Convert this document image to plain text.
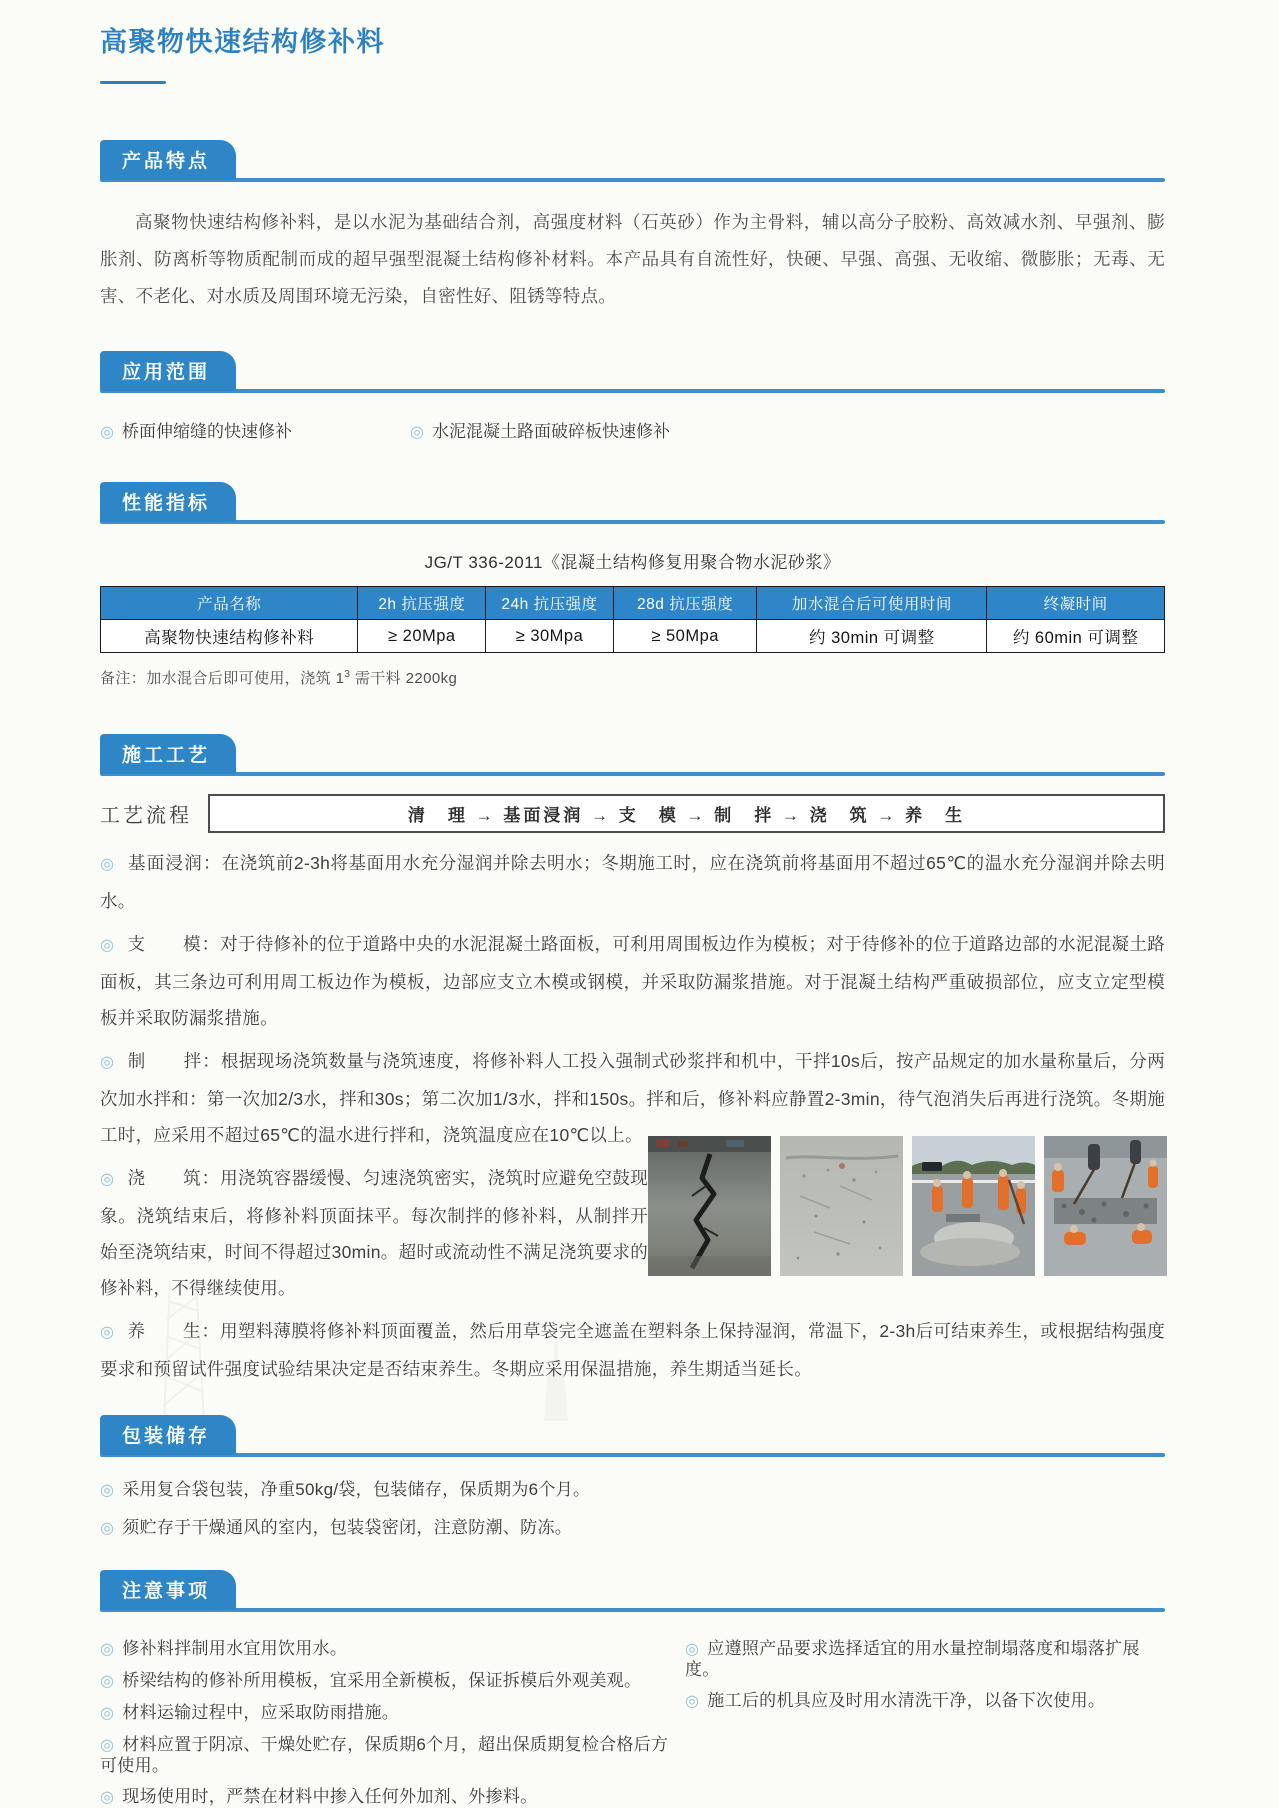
高聚物快速结构修补料
产品特点

高聚物快速结构修补料，是以水泥为基础结合剂，高强度材料（石英砂）作为主骨料，辅以高分子胶粉、高效减水剂、早强剂、膨胀剂、防离析等物质配制而成的超早强型混凝土结构修补材料。本产品具有自流性好，快硬、早强、高强、无收缩、微膨胀；无毒、无害、不老化、对水质及周围环境无污染，自密性好、阻锈等特点。

应用范围
◎ 桥面伸缩缝的快速修补	◎ 水泥混凝土路面破碎板快速修补
性能指标
JG/T 336-2011《混凝土结构修复用聚合物水泥砂浆》
产品名称	2h 抗压强度	24h 抗压强度	28d 抗压强度	加水混合后可使用时间	终凝时间
高聚物快速结构修补料	≥ 20Mpa	≥ 30Mpa	≥ 50Mpa	约 30min 可调整	约 60min 可调整
备注：加水混合后即可使用，浇筑 $1^3$ 需干料 2200kg
施工工艺
工艺流程	清　理 → 基面浸润 → 支　模 → 制　拌 → 浇　筑 → 养　生

◎ 基面浸润：在浇筑前2-3h将基面用水充分湿润并除去明水；冬期施工时，应在浇筑前将基面用不超过65℃的温水充分湿润并除去明水。

◎ 支　　模：对于待修补的位于道路中央的水泥混凝土路面板，可利用周围板边作为模板；对于待修补的位于道路边部的水泥混凝土路面板，其三条边可利用周工板边作为模板，边部应支立木模或钢模，并采取防漏浆措施。对于混凝土结构严重破损部位，应支立定型模板并采取防漏浆措施。

◎ 制　　拌：根据现场浇筑数量与浇筑速度，将修补料人工投入强制式砂浆拌和机中，干拌10s后，按产品规定的加水量称量后，分两次加水拌和：第一次加2/3水，拌和30s；第二次加1/3水，拌和150s。拌和后，修补料应静置2-3min，待气泡消失后再进行浇筑。冬期施工时，应采用不超过65℃的温水进行拌和，浇筑温度应在10℃以上。

◎ 浇　　筑：用浇筑容器缓慢、匀速浇筑密实，浇筑时应避免空鼓现象。浇筑结束后，将修补料顶面抹平。每次制拌的修补料，从制拌开始至浇筑结束，时间不得超过30min。超时或流动性不满足浇筑要求的修补料，不得继续使用。

◎ 养　　生：用塑料薄膜将修补料顶面覆盖，然后用草袋完全遮盖在塑料条上保持湿润，常温下，2-3h后可结束养生，或根据结构强度要求和预留试件强度试验结果决定是否结束养生。冬期应采用保温措施，养生期适当延长。

包装储存
◎ 采用复合袋包装，净重50kg/袋，包装储存，保质期为6个月。
◎ 须贮存于干燥通风的室内，包装袋密闭，注意防潮、防冻。
注意事项
◎ 修补料拌制用水宜用饮用水。
◎ 桥梁结构的修补所用模板，宜采用全新模板，保证拆模后外观美观。
◎ 材料运输过程中，应采取防雨措施。
◎ 材料应置于阴凉、干燥处贮存，保质期6个月，超出保质期复检合格后方可使用。
◎ 现场使用时，严禁在材料中掺入任何外加剂、外掺料。
◎ 应遵照产品要求选择适宜的用水量控制塌落度和塌落扩展度。
◎ 施工后的机具应及时用水清洗干净，以备下次使用。
